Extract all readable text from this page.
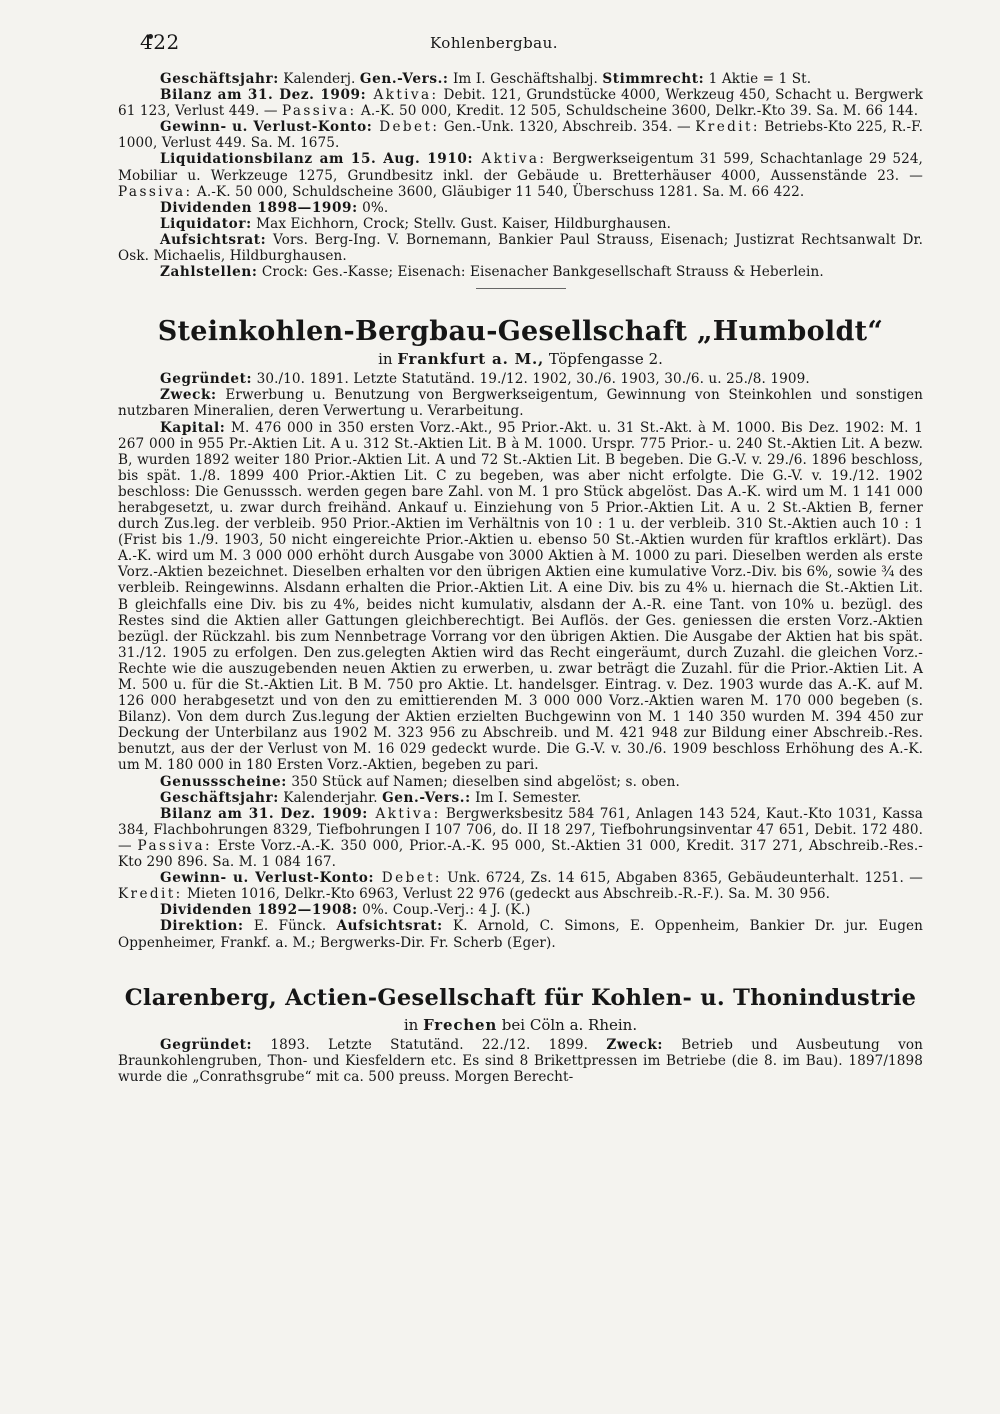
422	Kohlenbergbau.

Geschäftsjahr: Kalenderj. Gen.-Vers.: Im I. Geschäftshalbj. Stimmrecht: 1 Aktie = 1 St.

Bilanz am 31. Dez. 1909: Aktiva: Debit. 121, Grundstücke 4000, Werkzeug 450, Schacht u. Bergwerk 61 123, Verlust 449. — Passiva: A.-K. 50 000, Kredit. 12 505, Schuldscheine 3600, Delkr.-Kto 39. Sa. M. 66 144.

Gewinn- u. Verlust-Konto: Debet: Gen.-Unk. 1320, Abschreib. 354. — Kredit: Betriebs-Kto 225, R.-F. 1000, Verlust 449. Sa. M. 1675.

Liquidationsbilanz am 15. Aug. 1910: Aktiva: Bergwerkseigentum 31 599, Schachtanlage 29 524, Mobiliar u. Werkzeuge 1275, Grundbesitz inkl. der Gebäude u. Bretterhäuser 4000, Aussenstände 23. — Passiva: A.-K. 50 000, Schuldscheine 3600, Gläubiger 11 540, Überschuss 1281. Sa. M. 66 422.

Dividenden 1898—1909: 0%.

Liquidator: Max Eichhorn, Crock; Stellv. Gust. Kaiser, Hildburghausen.

Aufsichtsrat: Vors. Berg-Ing. V. Bornemann, Bankier Paul Strauss, Eisenach; Justizrat Rechtsanwalt Dr. Osk. Michaelis, Hildburghausen.

Zahlstellen: Crock: Ges.-Kasse; Eisenach: Eisenacher Bankgesellschaft Strauss & Heberlein.

Steinkohlen-Bergbau-Gesellschaft „Humboldt“

in Frankfurt a. M., Töpfengasse 2.

Gegründet: 30./10. 1891. Letzte Statutänd. 19./12. 1902, 30./6. 1903, 30./6. u. 25./8. 1909.

Zweck: Erwerbung u. Benutzung von Bergwerkseigentum, Gewinnung von Steinkohlen und sonstigen nutzbaren Mineralien, deren Verwertung u. Verarbeitung.

Kapital: M. 476 000 in 350 ersten Vorz.-Akt., 95 Prior.-Akt. u. 31 St.-Akt. à M. 1000. Bis Dez. 1902: M. 1 267 000 in 955 Pr.-Aktien Lit. A u. 312 St.-Aktien Lit. B à M. 1000. Urspr. 775 Prior.- u. 240 St.-Aktien Lit. A bezw. B, wurden 1892 weiter 180 Prior.-Aktien Lit. A und 72 St.-Aktien Lit. B begeben. Die G.-V. v. 29./6. 1896 beschloss, bis spät. 1./8. 1899 400 Prior.-Aktien Lit. C zu begeben, was aber nicht erfolgte. Die G.-V. v. 19./12. 1902 beschloss: Die Genusssch. werden gegen bare Zahl. von M. 1 pro Stück abgelöst. Das A.-K. wird um M. 1 141 000 herabgesetzt, u. zwar durch freihänd. Ankauf u. Einziehung von 5 Prior.-Aktien Lit. A u. 2 St.-Aktien B, ferner durch Zus.leg. der verbleib. 950 Prior.-Aktien im Verhältnis von 10 : 1 u. der verbleib. 310 St.-Aktien auch 10 : 1 (Frist bis 1./9. 1903, 50 nicht eingereichte Prior.-Aktien u. ebenso 50 St.-Aktien wurden für kraftlos erklärt). Das A.-K. wird um M. 3 000 000 erhöht durch Ausgabe von 3000 Aktien à M. 1000 zu pari. Dieselben werden als erste Vorz.-Aktien bezeichnet. Dieselben erhalten vor den übrigen Aktien eine kumulative Vorz.-Div. bis 6%, sowie ¾ des verbleib. Reingewinns. Alsdann erhalten die Prior.-Aktien Lit. A eine Div. bis zu 4% u. hiernach die St.-Aktien Lit. B gleichfalls eine Div. bis zu 4%, beides nicht kumulativ, alsdann der A.-R. eine Tant. von 10% u. bezügl. des Restes sind die Aktien aller Gattungen gleichberechtigt. Bei Auflös. der Ges. geniessen die ersten Vorz.-Aktien bezügl. der Rückzahl. bis zum Nennbetrage Vorrang vor den übrigen Aktien. Die Ausgabe der Aktien hat bis spät. 31./12. 1905 zu erfolgen. Den zus.gelegten Aktien wird das Recht eingeräumt, durch Zuzahl. die gleichen Vorz.-Rechte wie die auszugebenden neuen Aktien zu erwerben, u. zwar beträgt die Zuzahl. für die Prior.-Aktien Lit. A M. 500 u. für die St.-Aktien Lit. B M. 750 pro Aktie. Lt. handelsger. Eintrag. v. Dez. 1903 wurde das A.-K. auf M. 126 000 herabgesetzt und von den zu emittierenden M. 3 000 000 Vorz.-Aktien waren M. 170 000 begeben (s. Bilanz). Von dem durch Zus.legung der Aktien erzielten Buchgewinn von M. 1 140 350 wurden M. 394 450 zur Deckung der Unterbilanz aus 1902 M. 323 956 zu Abschreib. und M. 421 948 zur Bildung einer Abschreib.-Res. benutzt, aus der der Verlust von M. 16 029 gedeckt wurde. Die G.-V. v. 30./6. 1909 beschloss Erhöhung des A.-K. um M. 180 000 in 180 Ersten Vorz.-Aktien, begeben zu pari.

Genussscheine: 350 Stück auf Namen; dieselben sind abgelöst; s. oben.

Geschäftsjahr: Kalenderjahr. Gen.-Vers.: Im I. Semester.

Bilanz am 31. Dez. 1909: Aktiva: Bergwerksbesitz 584 761, Anlagen 143 524, Kaut.-Kto 1031, Kassa 384, Flachbohrungen 8329, Tiefbohrungen I 107 706, do. II 18 297, Tiefbohrungsinventar 47 651, Debit. 172 480. — Passiva: Erste Vorz.-A.-K. 350 000, Prior.-A.-K. 95 000, St.-Aktien 31 000, Kredit. 317 271, Abschreib.-Res.-Kto 290 896. Sa. M. 1 084 167.

Gewinn- u. Verlust-Konto: Debet: Unk. 6724, Zs. 14 615, Abgaben 8365, Gebäudeunterhalt. 1251. — Kredit: Mieten 1016, Delkr.-Kto 6963, Verlust 22 976 (gedeckt aus Abschreib.-R.-F.). Sa. M. 30 956.

Dividenden 1892—1908: 0%. Coup.-Verj.: 4 J. (K.)

Direktion: E. Fünck. Aufsichtsrat: K. Arnold, C. Simons, E. Oppenheim, Bankier Dr. jur. Eugen Oppenheimer, Frankf. a. M.; Bergwerks-Dir. Fr. Scherb (Eger).

Clarenberg, Actien-Gesellschaft für Kohlen- u. Thonindustrie

in Frechen bei Cöln a. Rhein.

Gegründet: 1893. Letzte Statutänd. 22./12. 1899. Zweck: Betrieb und Ausbeutung von Braunkohlengruben, Thon- und Kiesfeldern etc. Es sind 8 Brikettpressen im Betriebe (die 8. im Bau). 1897/1898 wurde die „Conrathsgrube“ mit ca. 500 preuss. Morgen Berecht-
